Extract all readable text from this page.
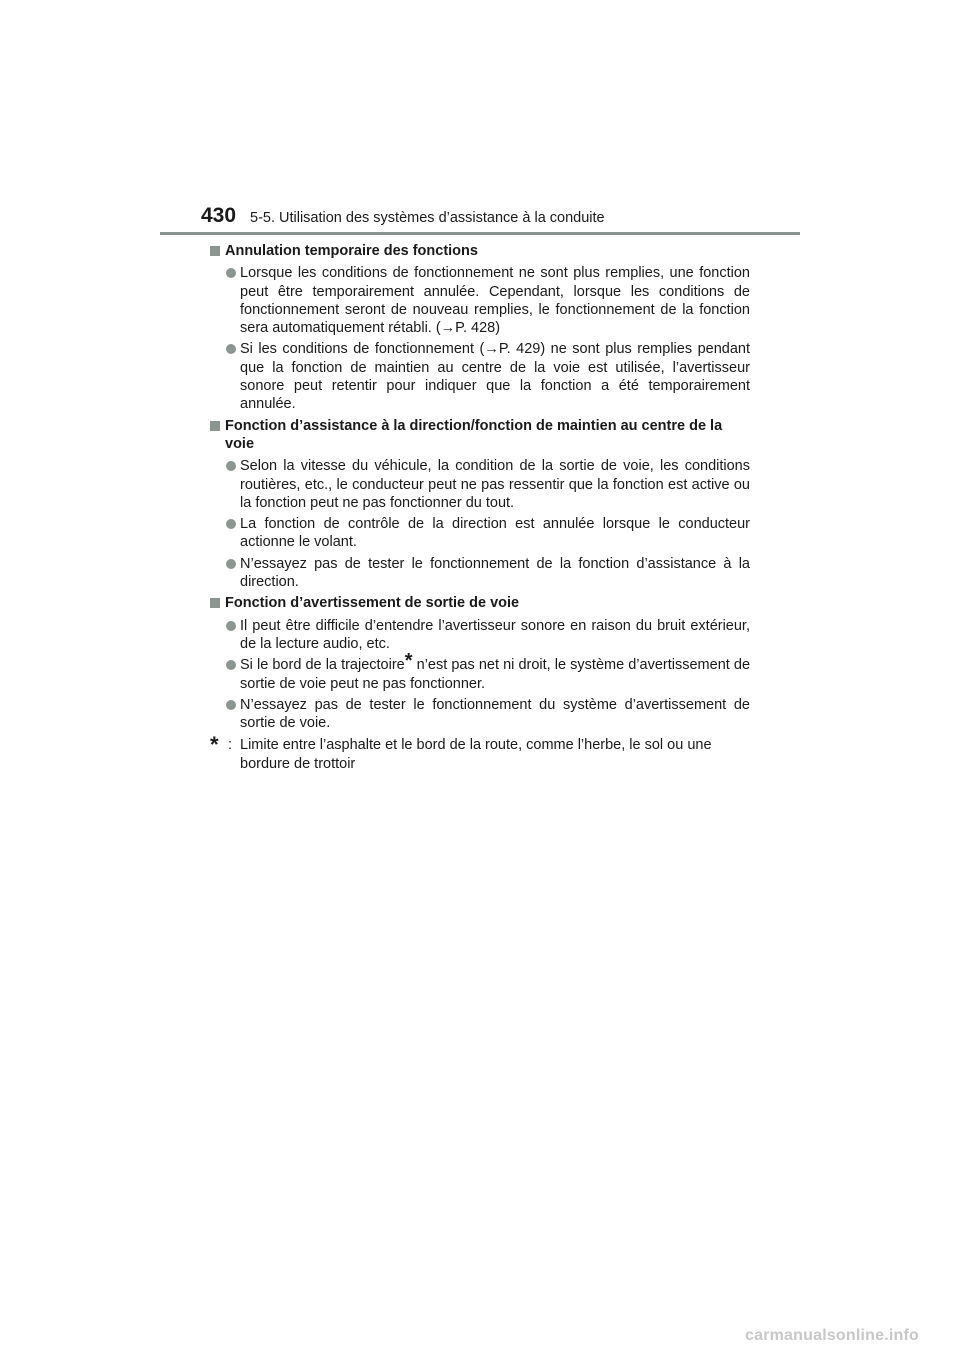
430 5-5. Utilisation des systèmes d’assistance à la conduite
Annulation temporaire des fonctions
Lorsque les conditions de fonctionnement ne sont plus remplies, une fonction peut être temporairement annulée. Cependant, lorsque les conditions de fonctionnement seront de nouveau remplies, le fonctionnement de la fonction sera automatiquement rétabli. (→P. 428)
Si les conditions de fonctionnement (→P. 429) ne sont plus remplies pendant que la fonction de maintien au centre de la voie est utilisée, l’avertisseur sonore peut retentir pour indiquer que la fonction a été temporairement annulée.
Fonction d’assistance à la direction/fonction de maintien au centre de la voie
Selon la vitesse du véhicule, la condition de la sortie de voie, les conditions routières, etc., le conducteur peut ne pas ressentir que la fonction est active ou la fonction peut ne pas fonctionner du tout.
La fonction de contrôle de la direction est annulée lorsque le conducteur actionne le volant.
N’essayez pas de tester le fonctionnement de la fonction d’assistance à la direction.
Fonction d’avertissement de sortie de voie
Il peut être difficile d’entendre l’avertisseur sonore en raison du bruit extérieur, de la lecture audio, etc.
Si le bord de la trajectoire* n’est pas net ni droit, le système d’avertissement de sortie de voie peut ne pas fonctionner.
N’essayez pas de tester le fonctionnement du système d’avertissement de sortie de voie.
* : Limite entre l’asphalte et le bord de la route, comme l’herbe, le sol ou une
bordure de trottoir
carmanualsonline.info
